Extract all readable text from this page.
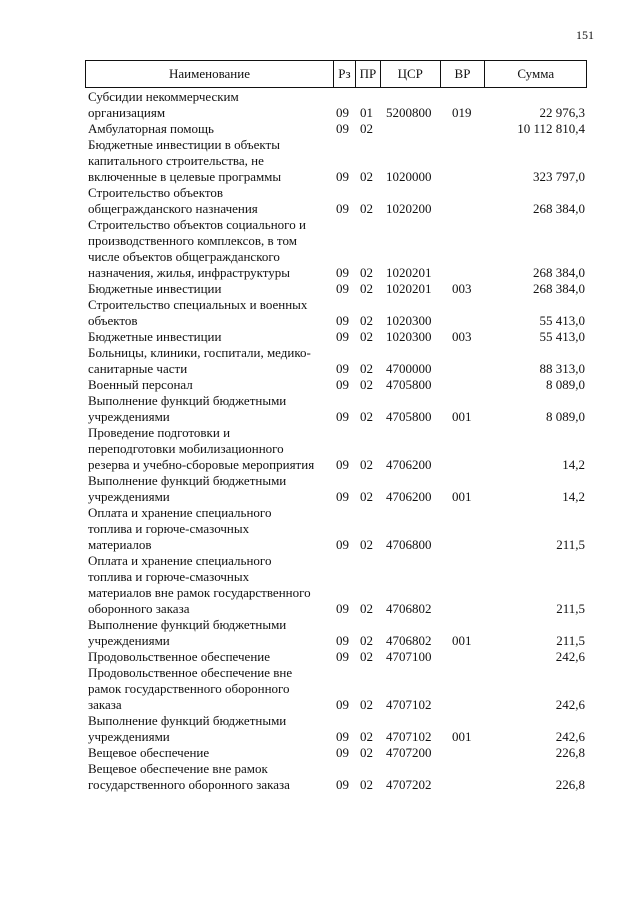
151
Наименование	Рз ПР	ЦСР	ВР	Сумма
Субсидии некоммерческим
организациям	09 01	5200800	019	22 976,3
Амбулаторная помощь	09 02	10 112 810,4
Бюджетные инвестиции в объекты
капитального строительства, не
включенные в целевые программы	09 02	1020000	323 797,0
Строительство объектов
общегражданского назначения	09 02	1020200	268 384,0
Строительство объектов социального и
производственного комплексов, в том
числе объектов общегражданского
назначения, жилья, инфраструктуры	09 02	1020201	268 384,0
Бюджетные инвестиции	09 02	1020201	003	268 384,0
Строительство специальных и военных
объектов	09 02	1020300	55 413,0
Бюджетные инвестиции	09 02	1020300	003	55 413,0
Больницы, клиники, госпитали, медико-
санитарные части	09 02	4700000	88 313,0
Военный персонал	09 02	4705800	8 089,0
Выполнение функций бюджетными
учреждениями	09 02	4705800	001	8 089,0
Проведение подготовки и
переподготовки мобилизационного
резерва и учебно-сборовые мероприятия	09 02	4706200	14,2
Выполнение функций бюджетными
учреждениями	09 02	4706200	001	14,2
Оплата и хранение специального
топлива и горюче-смазочных
материалов	09 02	4706800	211,5
Оплата и хранение специального
топлива и горюче-смазочных
материалов вне рамок государственного
оборонного заказа	09 02	4706802	211,5
Выполнение функций бюджетными
учреждениями	09 02	4706802	001	211,5
Продовольственное обеспечение	09 02	4707100	242,6
Продовольственное обеспечение вне
рамок государственного оборонного
заказа	09 02	4707102	242,6
Выполнение функций бюджетными
учреждениями	09 02	4707102	001	242,6
Вещевое обеспечение	09 02	4707200	226,8
Вещевое обеспечение вне рамок
государственного оборонного заказа	09 02	4707202	226,8
